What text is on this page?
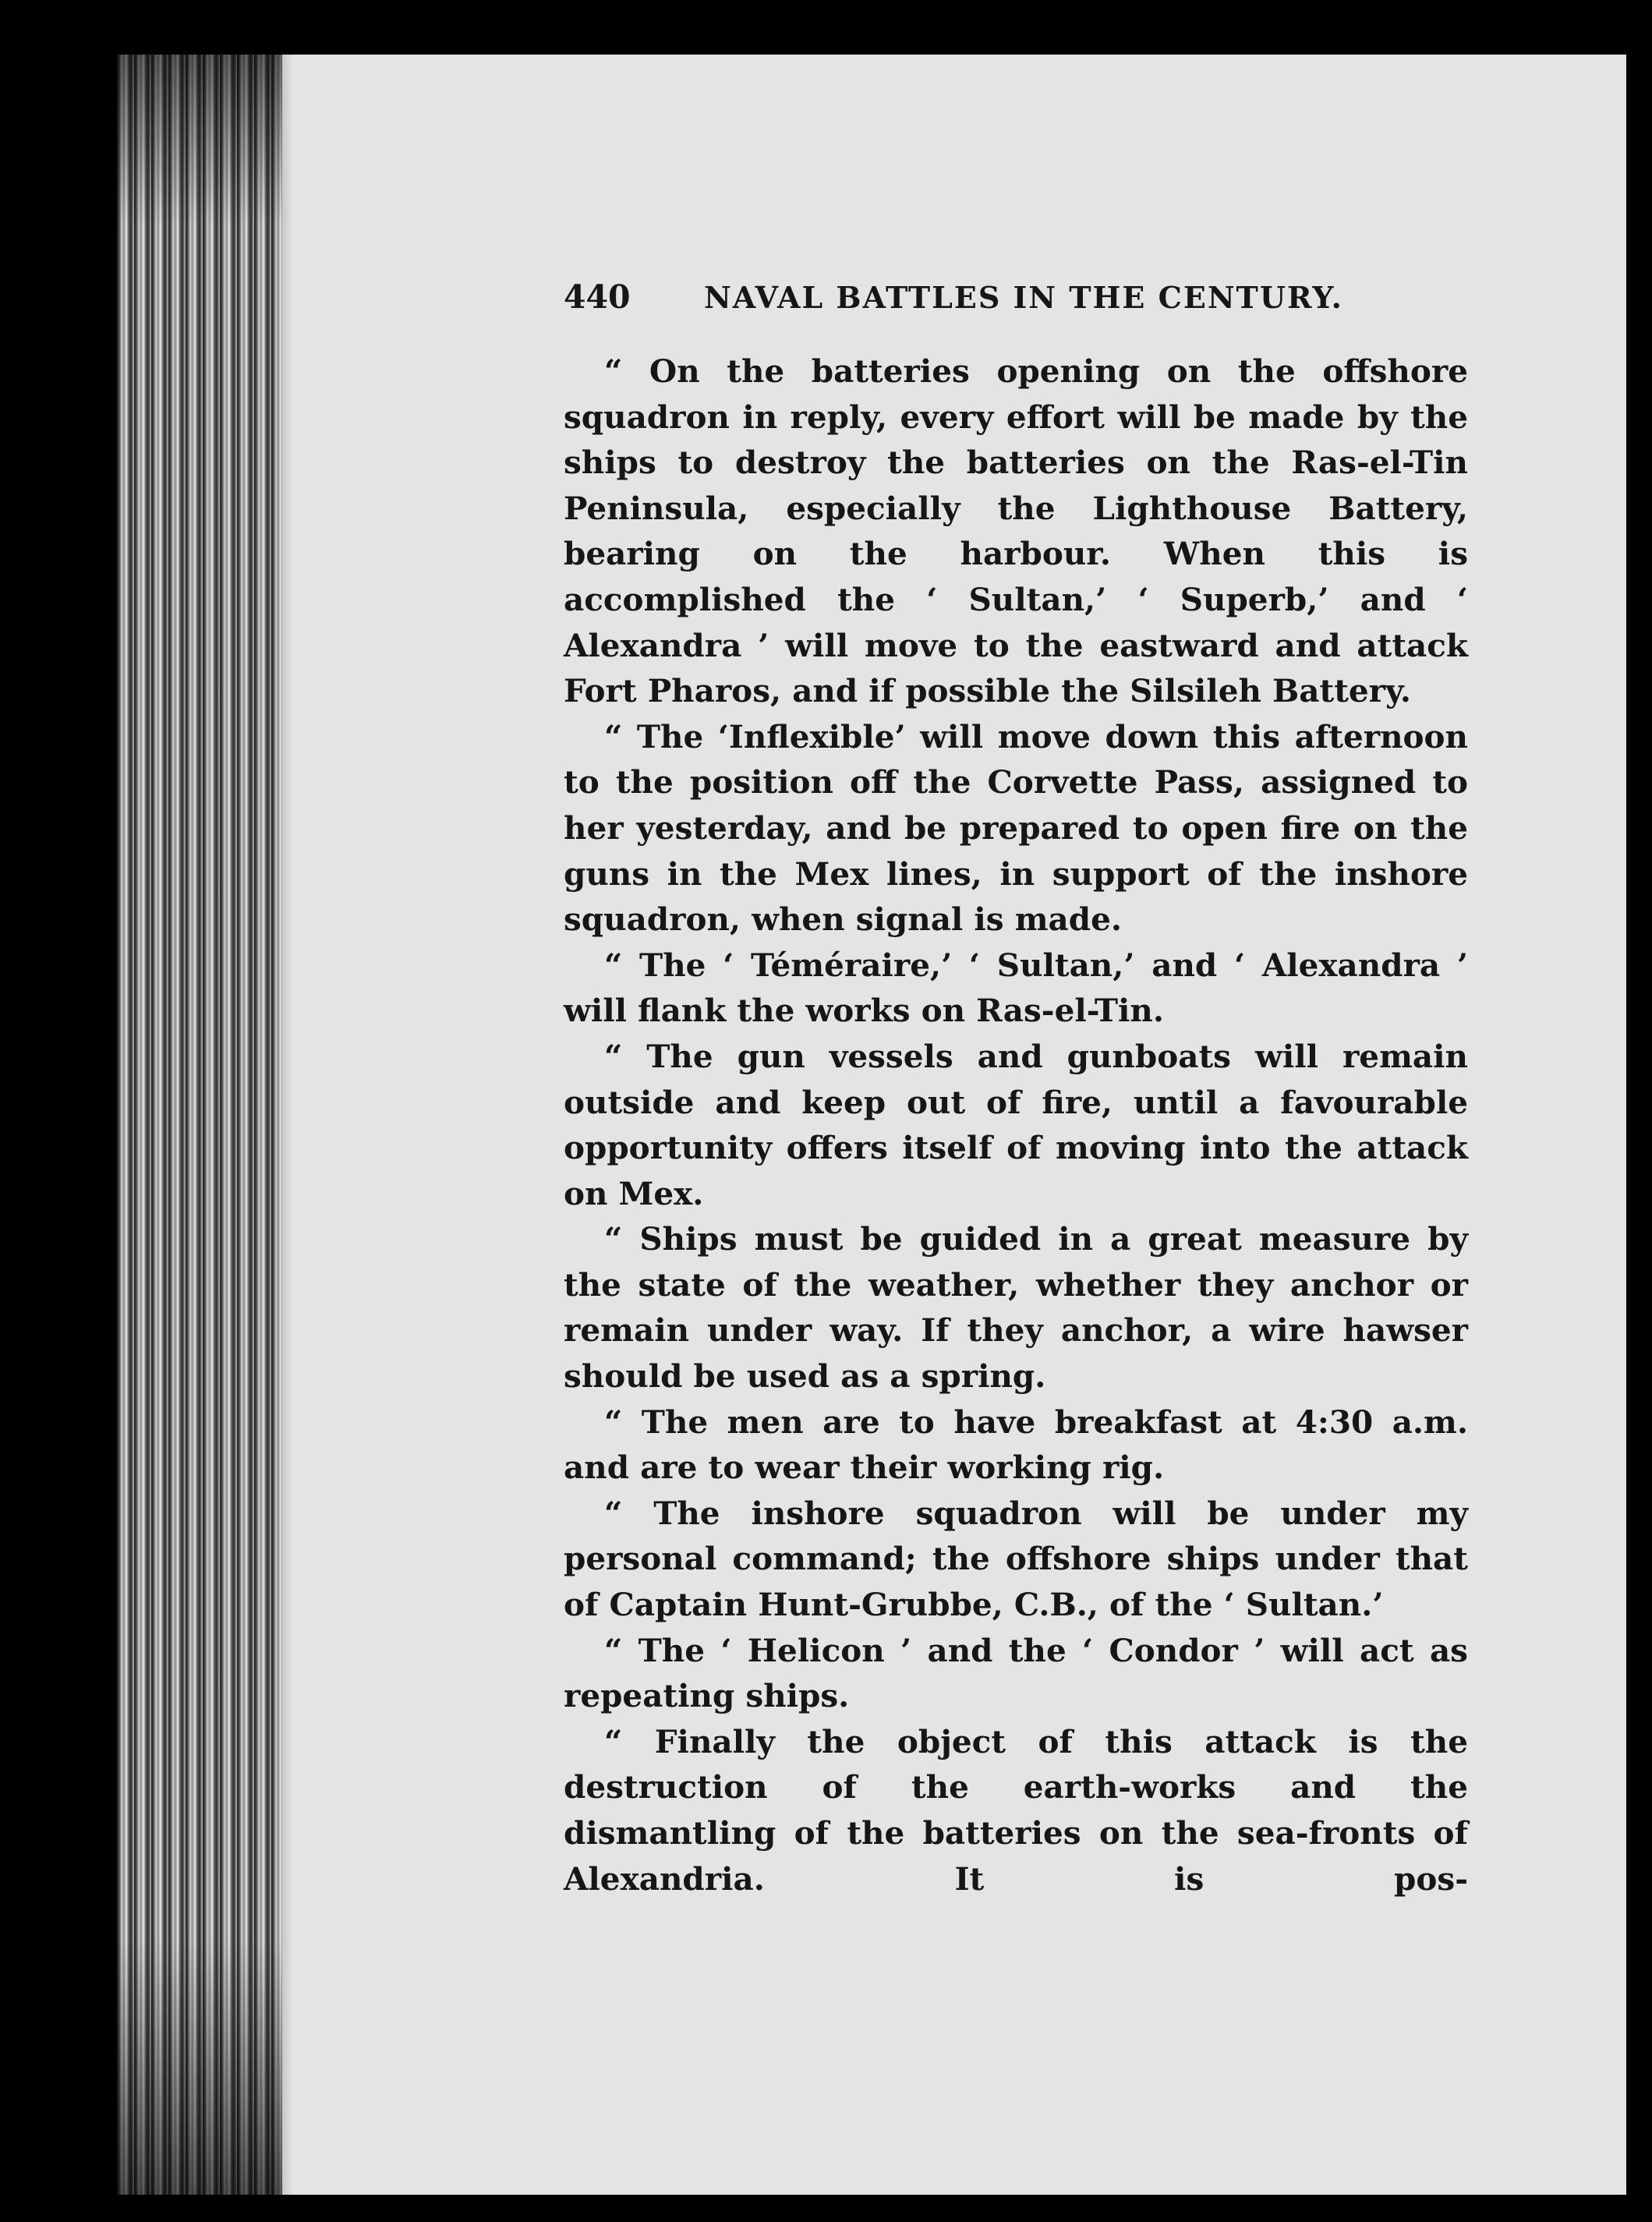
440	NAVAL BATTLES IN THE CENTURY.

“ On the batteries opening on the offshore squadron in reply, every effort will be made by the ships to destroy the batteries on the Ras-el-Tin Peninsula, especially the Lighthouse Battery, bearing on the harbour. When this is accomplished the ‘ Sultan,’ ‘ Superb,’ and ‘ Alexandra ’ will move to the eastward and attack Fort Pharos, and if possible the Silsileh Battery.

“ The ‘Inflexible’ will move down this afternoon to the position off the Corvette Pass, assigned to her yesterday, and be prepared to open fire on the guns in the Mex lines, in support of the inshore squadron, when signal is made.

“ The ‘ Téméraire,’ ‘ Sultan,’ and ‘ Alexandra ’ will flank the works on Ras-el-Tin.

“ The gun vessels and gunboats will remain outside and keep out of fire, until a favourable opportunity offers itself of moving into the attack on Mex.

“ Ships must be guided in a great measure by the state of the weather, whether they anchor or remain under way. If they anchor, a wire hawser should be used as a spring.

“ The men are to have breakfast at 4:30 a.m. and are to wear their working rig.

“ The inshore squadron will be under my personal command; the offshore ships under that of Captain Hunt-Grubbe, C.B., of the ‘ Sultan.’

“ The ‘ Helicon ’ and the ‘ Condor ’ will act as repeating ships.

“ Finally the object of this attack is the destruction of the earth-works and the dismantling of the batteries on the sea-fronts of Alexandria. It is pos-
